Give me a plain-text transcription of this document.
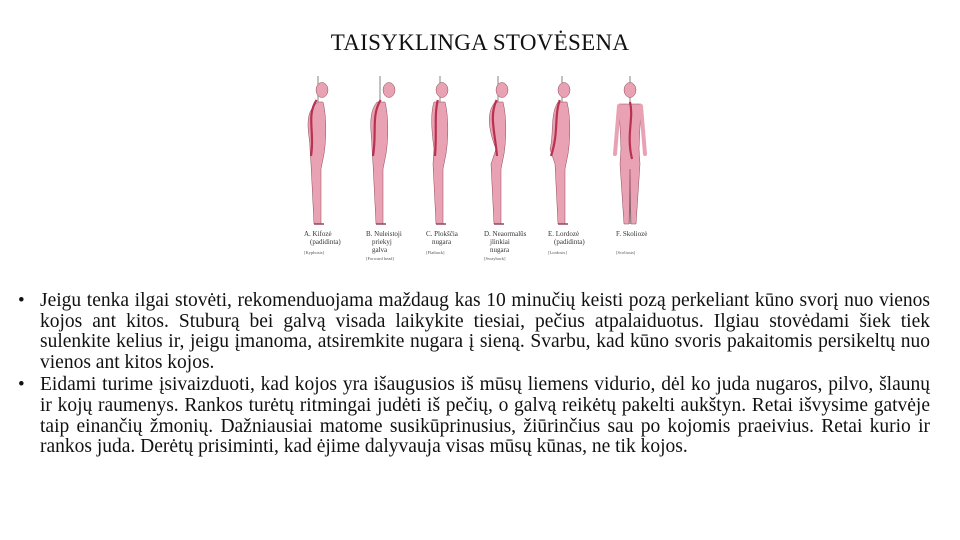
TAISYKLINGA STOVĖSENA
A. Kifozė
(padidinta)
[Kyphosis]
B. Nuleistoji
priekyj
galva
[Forward head]
C. Plokščia
nugara
[Flatback]
D. Neaormalūs
jlinkiai
nugara
[Swayback]
E. Lordozė
(padidinta)
[Lordosis]
F. Skoliozė
[Scoliosis]
• Jeigu tenka ilgai stovėti, rekomenduojama maždaug kas 10 minučių keisti pozą perkeliant kūno svorį nuo vienos kojos ant kitos. Stuburą bei galvą visada laikykite tiesiai, pečius atpalaiduotus. Ilgiau stovėdami šiek tiek sulenkite kelius ir, jeigu įmanoma, atsiremkite nugara į sieną. Svarbu, kad kūno svoris pakaitomis persikeltų nuo vienos ant kitos kojos.
• Eidami turime įsivaizduoti, kad kojos yra išaugusios iš mūsų liemens vidurio, dėl ko juda nugaros, pilvo, šlaunų ir kojų raumenys. Rankos turėtų ritmingai judėti iš pečių, o galvą reikėtų pakelti aukštyn. Retai išvysime gatvėje taip einančių žmonių. Dažniausiai matome susikūprinusius, žiūrinčius sau po kojomis praeivius. Retai kurio ir rankos juda. Derėtų prisiminti, kad ėjime dalyvauja visas mūsų kūnas, ne tik kojos.
